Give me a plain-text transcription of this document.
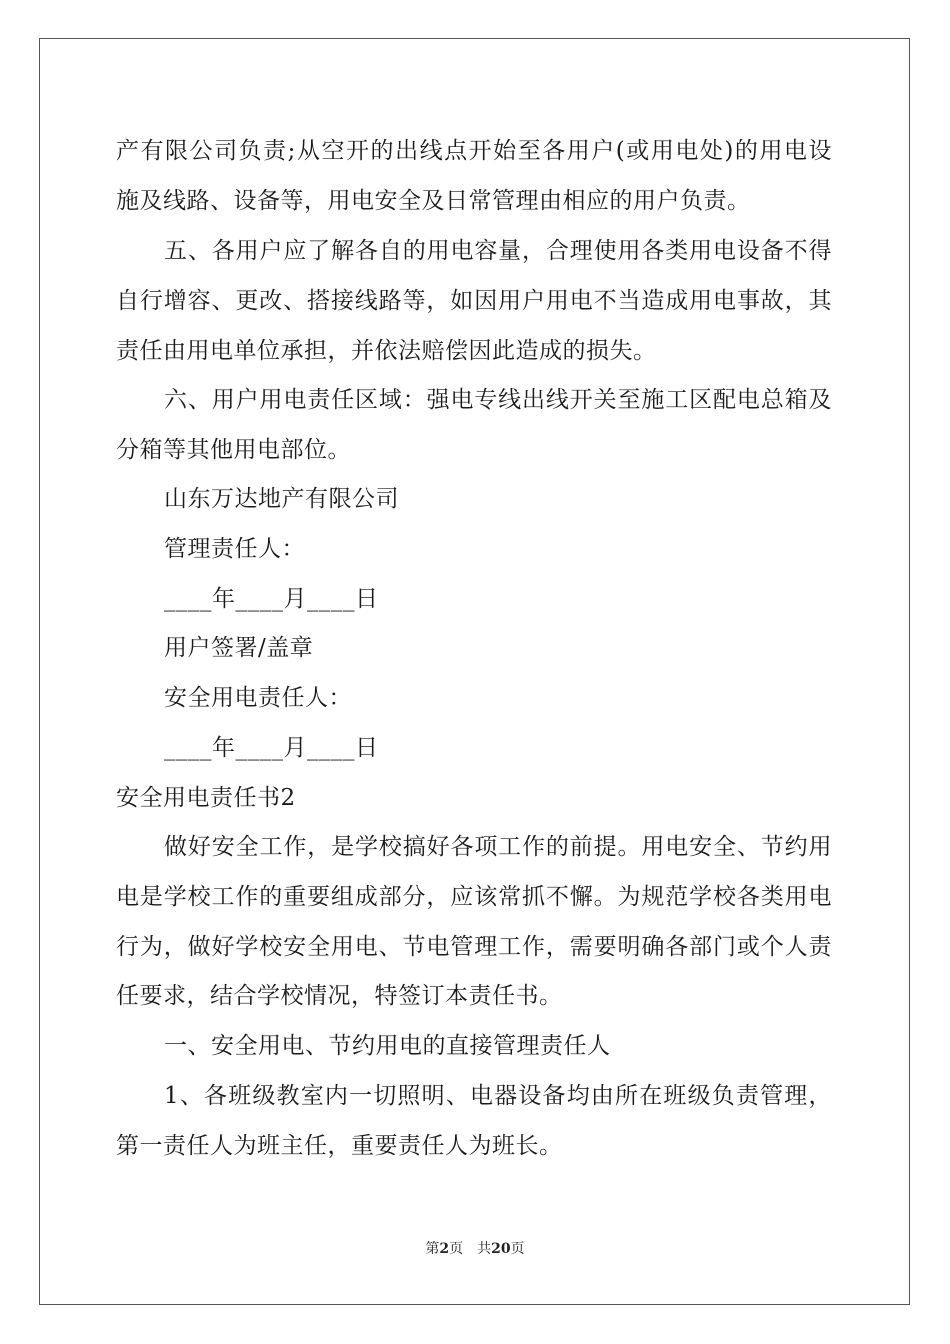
产有限公司负责;从空开的出线点开始至各用户(或用电处)的用电设
施及线路、设备等，用电安全及日常管理由相应的用户负责。
五、各用户应了解各自的用电容量，合理使用各类用电设备不得
自行增容、更改、搭接线路等，如因用户用电不当造成用电事故，其
责任由用电单位承担，并依法赔偿因此造成的损失。
六、用户用电责任区域：强电专线出线开关至施工区配电总箱及
分箱等其他用电部位。
山东万达地产有限公司
管理责任人：
____年____月____日
用户签署/盖章
安全用电责任人：
____年____月____日
安全用电责任书2
做好安全工作，是学校搞好各项工作的前提。用电安全、节约用
电是学校工作的重要组成部分，应该常抓不懈。为规范学校各类用电
行为，做好学校安全用电、节电管理工作，需要明确各部门或个人责
任要求，结合学校情况，特签订本责任书。
一、安全用电、节约用电的直接管理责任人
1、各班级教室内一切照明、电器设备均由所在班级负责管理，
第一责任人为班主任，重要责任人为班长。
第2页 共20页
